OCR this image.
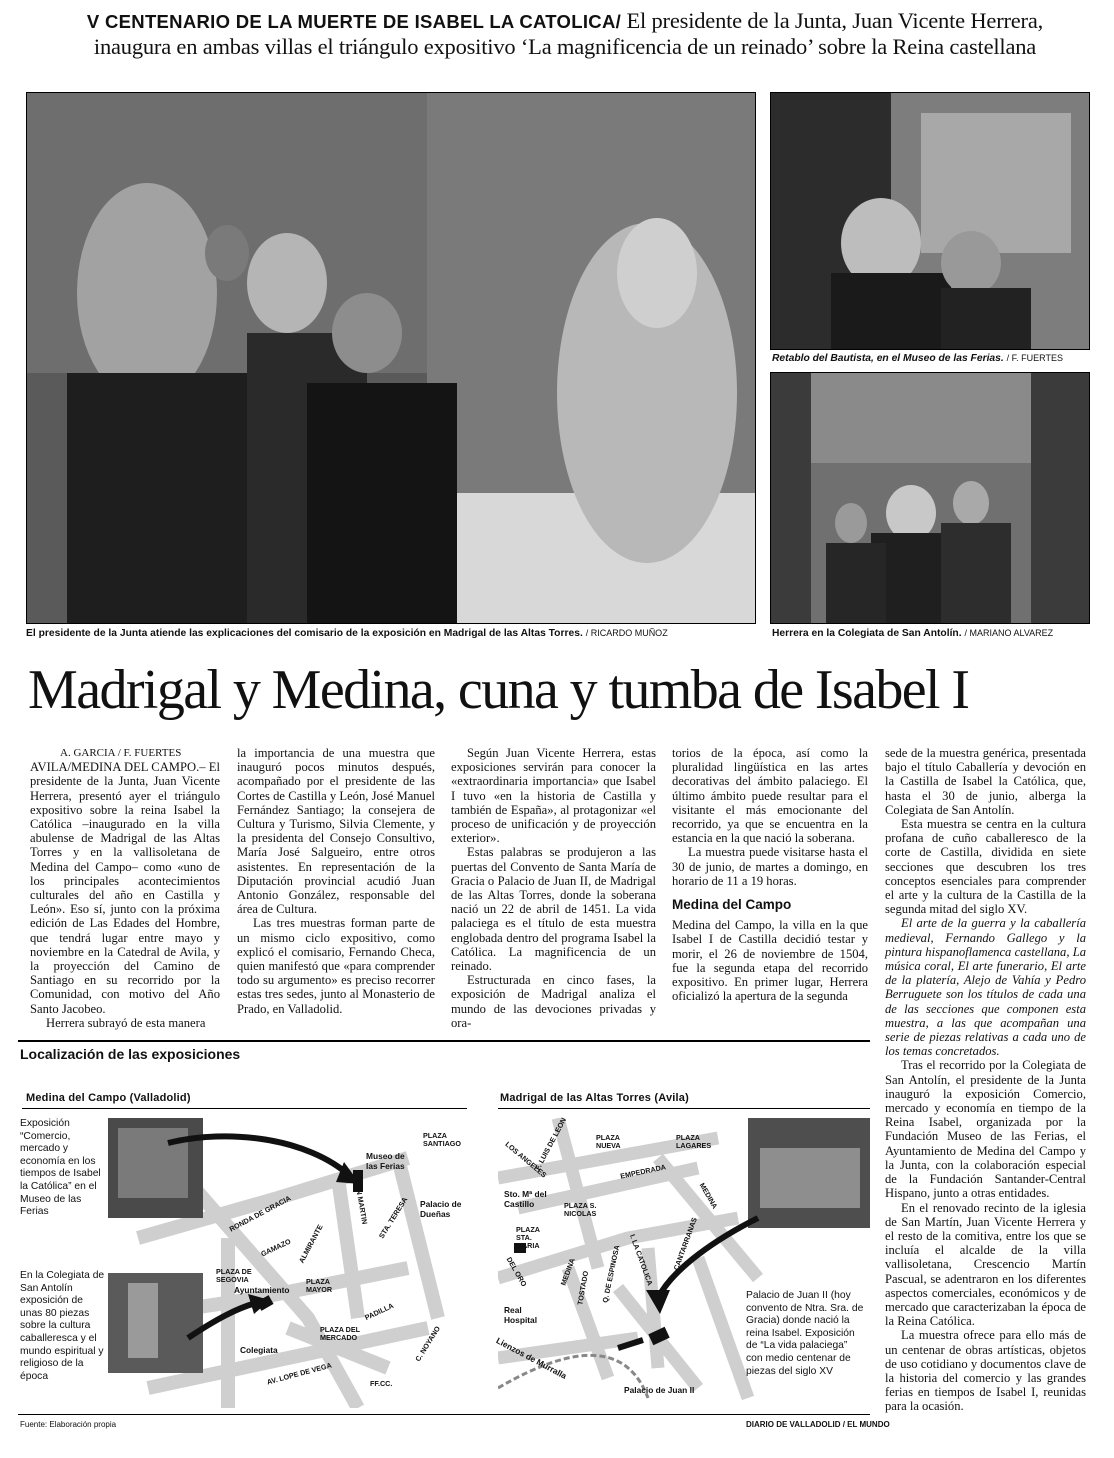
V CENTENARIO DE LA MUERTE DE ISABEL LA CATOLICA/ El presidente de la Junta, Juan Vicente Herrera,
inaugura en ambas villas el triángulo expositivo ‘La magnificencia de un reinado’ sobre la Reina castellana
El presidente de la Junta atiende las explicaciones del comisario de la exposición en Madrigal de las Altas Torres. / RICARDO MUÑOZ
Retablo del Bautista, en el Museo de las Ferias. / F. FUERTES
Herrera en la Colegiata de San Antolín. / MARIANO ALVAREZ
Madrigal y Medina, cuna y tumba de Isabel I

A. GARCIA / F. FUERTES

AVILA/MEDINA DEL CAMPO.– El presidente de la Junta, Juan Vicente Herrera, presentó ayer el triángulo expositivo sobre la reina Isabel la Católica –inaugurado en la villa abulense de Madrigal de las Altas Torres y en la vallisoletana de Medina del Campo– como «uno de los principales acontecimientos culturales del año en Castilla y León». Eso sí, junto con la próxima edición de Las Edades del Hombre, que tendrá lugar entre mayo y noviembre en la Catedral de Avila, y la proyección del Camino de Santiago en su recorrido por la Comunidad, con motivo del Año Santo Jacobeo.

Herrera subrayó de esta manera

la importancia de una muestra que inauguró pocos minutos después, acompañado por el presidente de las Cortes de Castilla y León, José Manuel Fernández Santiago; la consejera de Cultura y Turismo, Silvia Clemente, y la presidenta del Consejo Consultivo, María José Salgueiro, entre otros asistentes. En representación de la Diputación provincial acudió Juan Antonio González, responsable del área de Cultura.

Las tres muestras forman parte de un mismo ciclo expositivo, como explicó el comisario, Fernando Checa, quien manifestó que «para comprender todo su argumento» es preciso recorrer estas tres sedes, junto al Monasterio de Prado, en Valladolid.

Según Juan Vicente Herrera, estas exposiciones servirán para conocer la «extraordinaria importancia» que Isabel I tuvo «en la historia de Castilla y también de España», al protagonizar «el proceso de unificación y de proyección exterior».

Estas palabras se produjeron a las puertas del Convento de Santa María de Gracia o Palacio de Juan II, de Madrigal de las Altas Torres, donde la soberana nació un 22 de abril de 1451. La vida palaciega es el título de esta muestra englobada dentro del programa Isabel la Católica. La magnificencia de un reinado.

Estructurada en cinco fases, la exposición de Madrigal analiza el mundo de las devociones privadas y ora-

torios de la época, así como la pluralidad lingüística en las artes decorativas del ámbito palaciego. El último ámbito puede resultar para el visitante el más emocionante del recorrido, ya que se encuentra en la estancia en la que nació la soberana.

La muestra puede visitarse hasta el 30 de junio, de martes a domingo, en horario de 11 a 19 horas.

Medina del Campo

Medina del Campo, la villa en la que Isabel I de Castilla decidió testar y morir, el 26 de noviembre de 1504, fue la segunda etapa del recorrido expositivo. En primer lugar, Herrera oficializó la apertura de la segunda

sede de la muestra genérica, presentada bajo el título Caballería y devoción en la Castilla de Isabel la Católica, que, hasta el 30 de junio, alberga la Colegiata de San Antolín.

Esta muestra se centra en la cultura profana de cuño caballeresco de la corte de Castilla, dividida en siete secciones que descubren los tres conceptos esenciales para comprender el arte y la cultura de la Castilla de la segunda mitad del siglo XV.

El arte de la guerra y la caballería medieval, Fernando Gallego y la pintura hispanoflamenca castellana, La música coral, El arte funerario, El arte de la platería, Alejo de Vahía y Pedro Berruguete son los títulos de cada una de las secciones que componen esta muestra, a las que acompañan una serie de piezas relativas a cada uno de los temas concretados.

Tras el recorrido por la Colegiata de San Antolín, el presidente de la Junta inauguró la exposición Comercio, mercado y economía en tiempo de la Reina Isabel, organizada por la Fundación Museo de las Ferias, el Ayuntamiento de Medina del Campo y la Junta, con la colaboración especial de la Fundación Santander-Central Hispano, junto a otras entidades.

En el renovado recinto de la iglesia de San Martín, Juan Vicente Herrera y el resto de la comitiva, entre los que se incluía el alcalde de la villa vallisoletana, Crescencio Martín Pascual, se adentraron en los diferentes aspectos comerciales, económicos y de mercado que caracterizaban la época de la Reina Católica.

La muestra ofrece para ello más de un centenar de obras artísticas, objetos de uso cotidiano y documentos clave de la historia del comercio y las grandes ferias en tiempos de Isabel I, reunidas para la ocasión.

Localización de las exposiciones
Medina del Campo (Valladolid)	Madrigal de las Altas Torres (Avila)
PLAZA
SANTIAGO
Museo de
las Ferias
RONDA DE GRACIA	SAN MARTIN STA. TERESA Palacio de
Dueñas
GAMAZO ALMIRANTE
PLAZA DE
SEGOVIA
Ayuntamiento
PLAZA
MAYOR
PADILLA
PLAZA DEL
MERCADO
Colegiata	C. NOYANO
AV. LOPE DE VEGA	FF.CC.
Exposición “Comercio, mercado y economía en los tiempos de Isabel la Católica” en el Museo de las Ferias
En la Colegiata de San Antolín exposición de unas 80 piezas sobre la cultura caballeresca y el mundo espiritual y religioso de la época
F. LUIS DE LEON
LOS ANGELES
PLAZA
NUEVA
PLAZA
LAGARES
EMPEDRADA
Sto. Mª del
Castillo	PLAZA S.
NICOLAS
MEDINA
PLAZA
STA.
MARIA
DEL ORO	MEDINA
TOSTADO Q. DE ESPINOSA I. LA CATOLICA CANTARRANAS
Real
Hospital
Lienzos de Murralla
Palacio de Juan II
Palacio de Juan II (hoy convento de Ntra. Sra. de Gracia) donde nació la reina Isabel. Exposición de “La vida palaciega” con medio centenar de piezas del siglo XV
Fuente: Elaboración propia	DIARIO DE VALLADOLID / EL MUNDO
